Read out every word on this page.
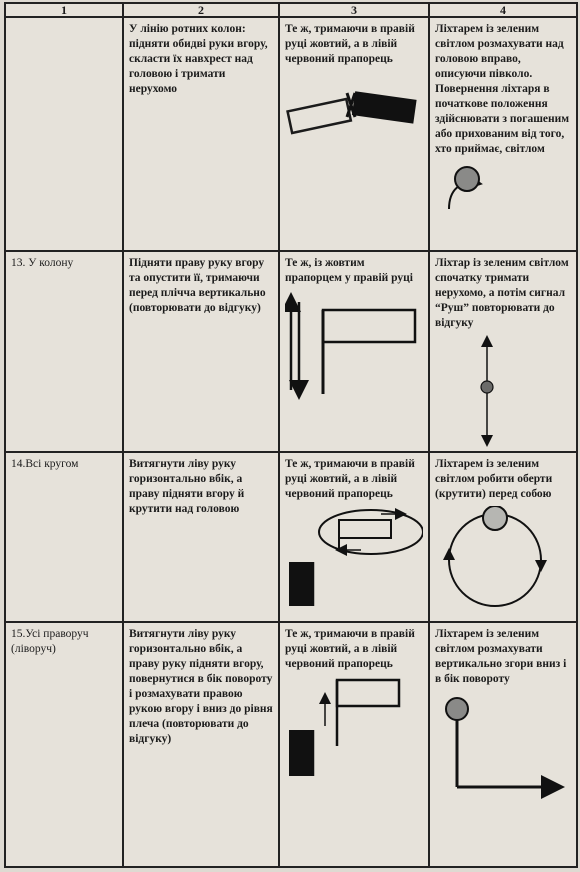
1	2	3	4

	У лінію ротних колон: підняти обидві руки вгору, скласти їх навхрест над головою і тримати нерухомо	Те ж, тримаючи в правій руці жовтий, а в лівій червоний прапорець	Ліхтарем із зеленим світлом розмахувати над головою вправо, описуючи півколо. Повернення ліхтаря в початкове положення здійснювати з погашеним або прихованим від того, хто приймає, світлом

13. У колону	Підняти праву руку вгору та опустити її, тримаючи перед плічча вертикально (повторювати до відгуку)	Те ж, із жовтим прапорцем у правій руці	Ліхтар із зеленим світлом спочатку тримати нерухомо, а потім сигнал “Руш” повторювати до відгуку

14.Всі кругом	Витягнути ліву руку горизонтально вбік, а праву підняти вгору й крутити над головою	Те ж, тримаючи в правій руці жовтий, а в лівій червоний прапорець	Ліхтарем із зеленим світлом робити оберти (крутити) перед собою

15.Усі праворуч (ліворуч)	Витягнути ліву руку горизонтально вбік, а праву руку підняти вгору, повернутися в бік повороту і розмахувати правою рукою вгору і вниз до рівня плеча (повторювати до відгуку)	Те ж, тримаючи в правій руці жовтий, а в лівій червоний прапорець	Ліхтарем із зеленим світлом розмахувати вертикально згори вниз і в бік повороту
